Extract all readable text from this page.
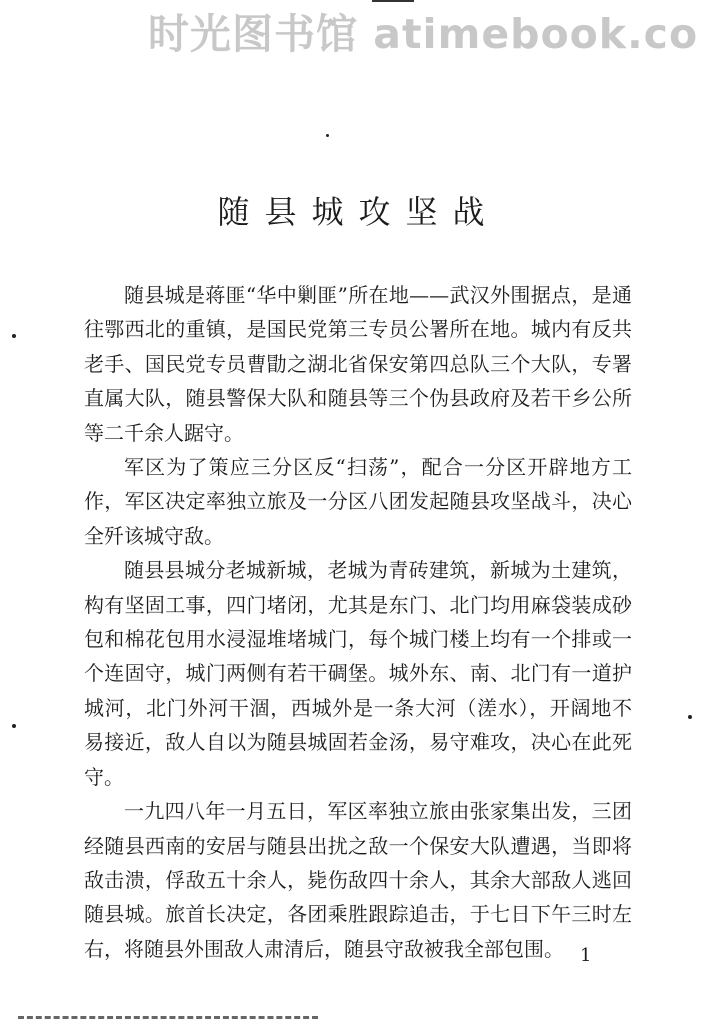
时光图书馆 atimebook.co
随县城攻坚战

随县城是蒋匪“华中剿匪”所在地——武汉外围据点，是通往鄂西北的重镇，是国民党第三专员公署所在地。城内有反共老手、国民党专员曹勖之湖北省保安第四总队三个大队，专署直属大队，随县警保大队和随县等三个伪县政府及若干乡公所等二千余人踞守。

军区为了策应三分区反“扫荡”，配合一分区开辟地方工作，军区决定率独立旅及一分区八团发起随县攻坚战斗，决心全歼该城守敌。

随县县城分老城新城，老城为青砖建筑，新城为土建筑，构有坚固工事，四门堵闭，尤其是东门、北门均用麻袋装成砂包和棉花包用水浸湿堆堵城门，每个城门楼上均有一个排或一个连固守，城门两侧有若干碉堡。城外东、南、北门有一道护城河，北门外河干涸，西城外是一条大河（溠水），开阔地不易接近，敌人自以为随县城固若金汤，易守难攻，决心在此死守。

一九四八年一月五日，军区率独立旅由张家集出发，三团经随县西南的安居与随县出扰之敌一个保安大队遭遇，当即将敌击溃，俘敌五十余人，毙伤敌四十余人，其余大部敌人逃回随县城。旅首长决定，各团乘胜跟踪追击，于七日下午三时左右，将随县外围敌人肃清后，随县守敌被我全部包围。 1
